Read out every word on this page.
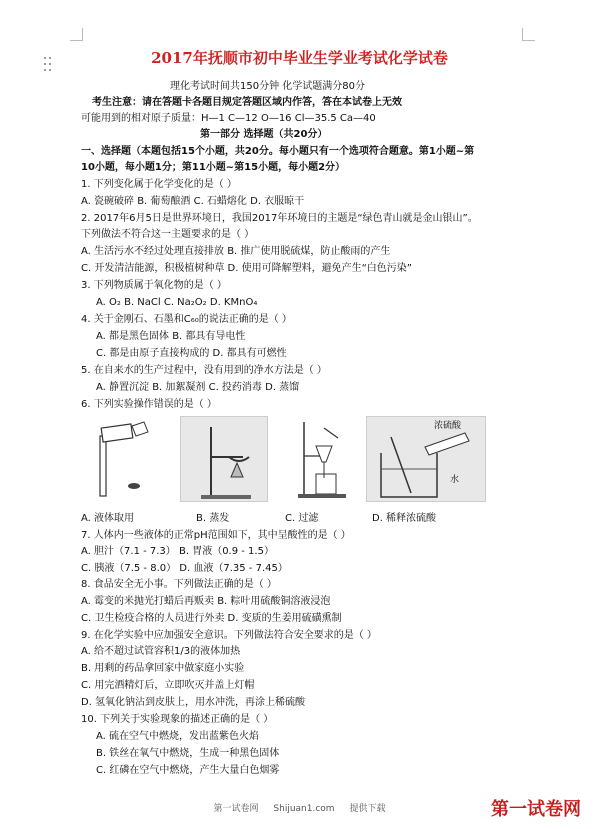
2017年抚顺市初中毕业生学业考试化学试卷
理化考试时间共150分钟 化学试题满分80分
考生注意：请在答题卡各题目规定答题区域内作答，答在本试卷上无效
可能用到的相对原子质量：H—1 C—12 O—16 Cl—35.5 Ca—40
第一部分 选择题（共20分）
一、选择题（本题包括15个小题，共20分。每小题只有一个选项符合题意。第1小题~第
10小题，每小题1分；第11小题~第15小题，每小题2分）
1. 下列变化属于化学变化的是（ ）
A. 瓷碗破碎 B. 葡萄酿酒 C. 石蜡熔化 D. 衣服晾干
2. 2017年6月5日是世界环境日，我国2017年环境日的主题是“绿色青山就是金山银山”。
下列做法不符合这一主题要求的是（ ）
A. 生活污水不经过处理直接排放 B. 推广使用脱硫煤，防止酸雨的产生
C. 开发清洁能源，积极植树种草 D. 使用可降解塑料，避免产生“白色污染”
3. 下列物质属于氧化物的是（ ）
A. O₂ B. NaCl C. Na₂O₂ D. KMnO₄
4. 关于金刚石、石墨和C₆₀的说法正确的是（ ）
A. 都是黑色固体 B. 都具有导电性
C. 都是由原子直接构成的 D. 都具有可燃性
5. 在自来水的生产过程中，没有用到的净水方法是（ ）
A. 静置沉淀 B. 加絮凝剂 C. 投药消毒 D. 蒸馏
6. 下列实验操作错误的是（ ）
浓硫酸
水
A. 液体取用	B. 蒸发	C. 过滤	D. 稀释浓硫酸
7. 人体内一些液体的正常pH范围如下，其中呈酸性的是（ ）
A. 胆汁（7.1 - 7.3） B. 胃液（0.9 - 1.5）
C. 胰液（7.5 - 8.0） D. 血液（7.35 - 7.45）
8. 食品安全无小事。下列做法正确的是（ ）
A. 霉变的米抛光打蜡后再贩卖 B. 粽叶用硫酸铜溶液浸泡
C. 卫生检疫合格的人员进行外卖 D. 变质的生姜用硫磺熏制
9. 在化学实验中应加强安全意识。下列做法符合安全要求的是（ ）
A. 给不超过试管容积1/3的液体加热
B. 用剩的药品拿回家中做家庭小实验
C. 用完酒精灯后，立即吹灭并盖上灯帽
D. 氢氧化钠沾到皮肤上，用水冲洗，再涂上稀硫酸
10. 下列关于实验现象的描述正确的是（ ）
A. 硫在空气中燃烧，发出蓝紫色火焰
B. 铁丝在氧气中燃烧，生成一种黑色固体
C. 红磷在空气中燃烧，产生大量白色烟雾
第一试卷网 Shijuan1.com 提供下载	第一试卷网
